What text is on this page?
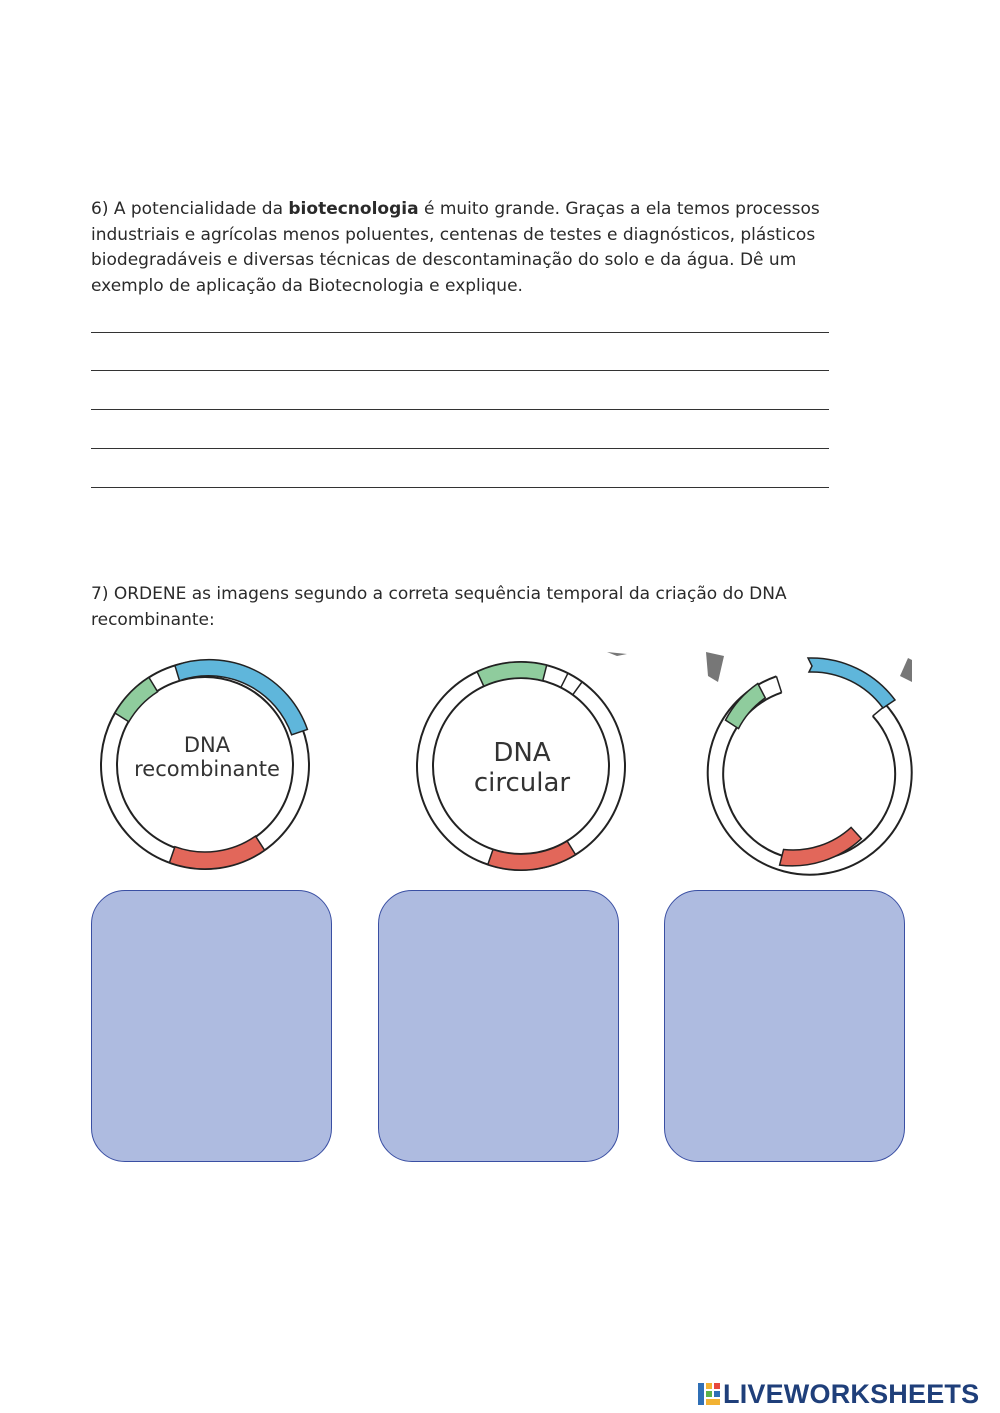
6) A potencialidade da biotecnologia é muito grande. Graças a ela temos processos
industriais e agrícolas menos poluentes, centenas de testes e diagnósticos, plásticos
biodegradáveis e diversas técnicas de descontaminação do solo e da água. Dê um
exemplo de aplicação da Biotecnologia e explique.

7) ORDENE as imagens segundo a correta sequência temporal da criação do DNA
recombinante:

DNA
recombinante
DNA
circular
LIVEWORKSHEETS
